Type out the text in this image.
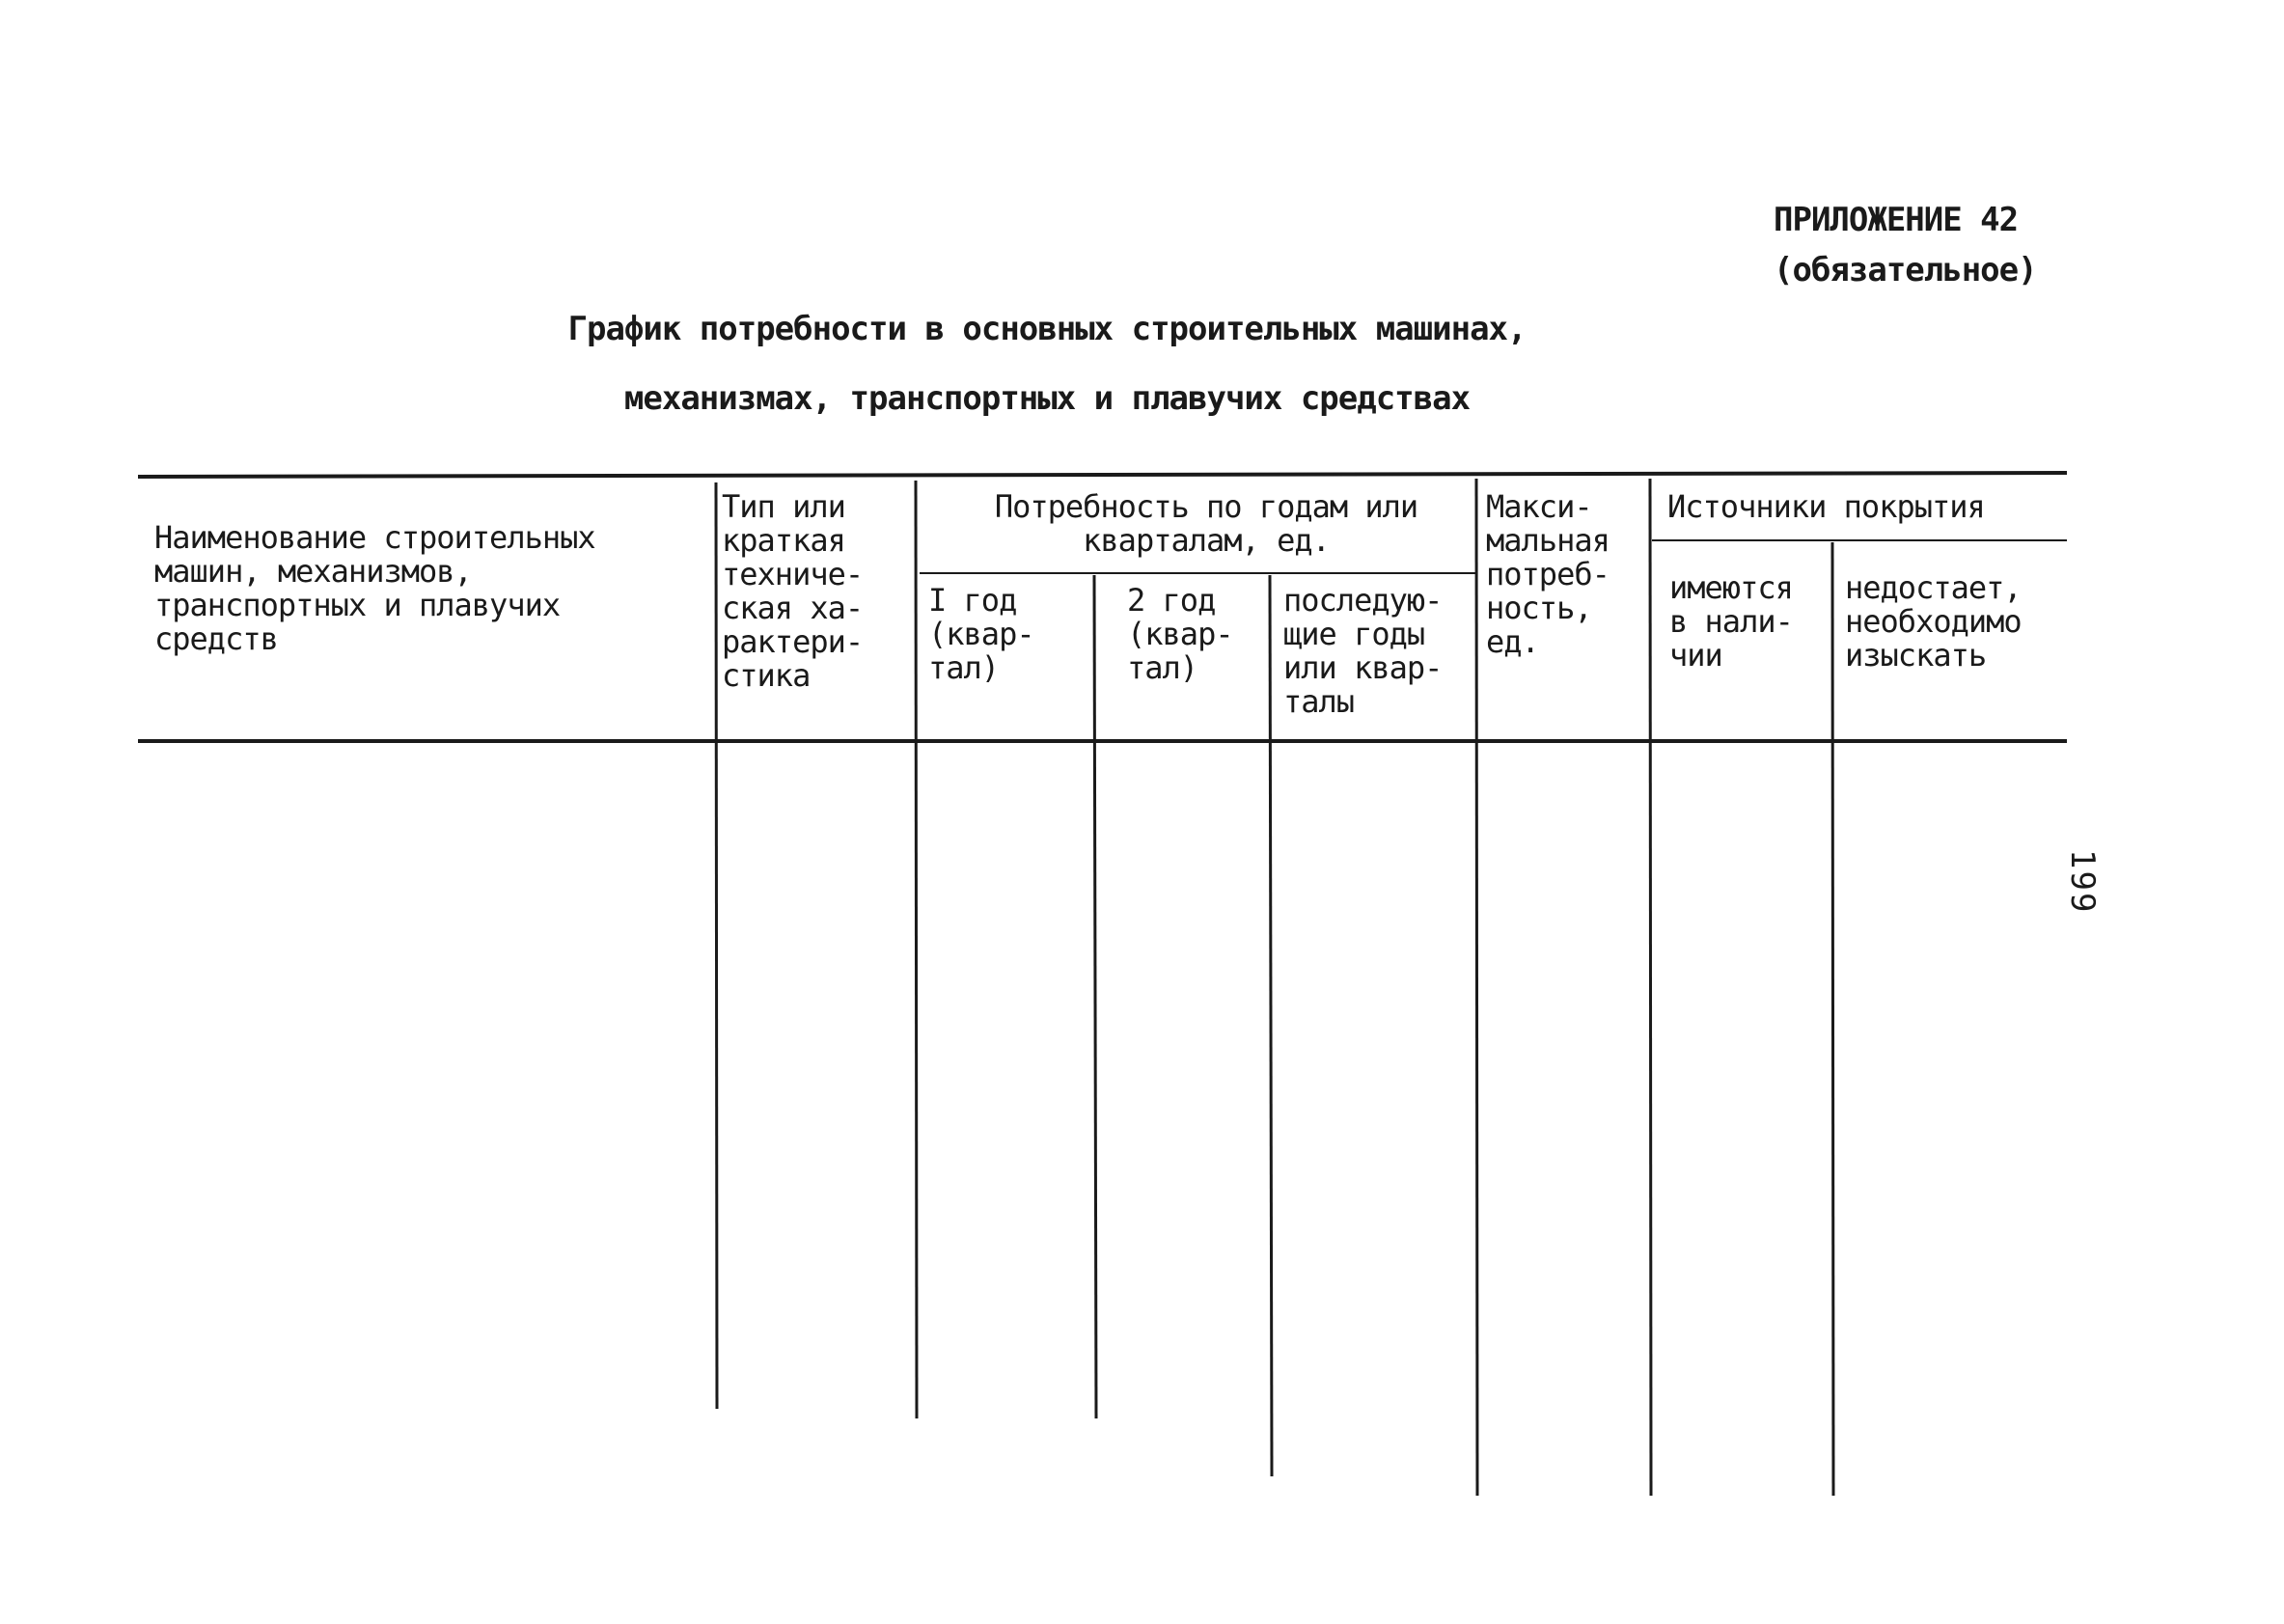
ПРИЛОЖЕНИЕ 42
(обязательное)
График потребности в основных строительных машинах,
механизмах, транспортных и плавучих средствах
199
Наименование строительных машин, механизмов, транспортных и плавучих средств
Тип или краткая техниче- ская ха- рактери- стика
Потребность по годам или кварталам, ед.
I год (квар- тал)
2 год (квар- тал)
последую- щие годы или квар- талы
Макси- мальная потреб- ность, ед.
Источники покрытия
имеются в нали- чии
недостает, необходимо изыскать
